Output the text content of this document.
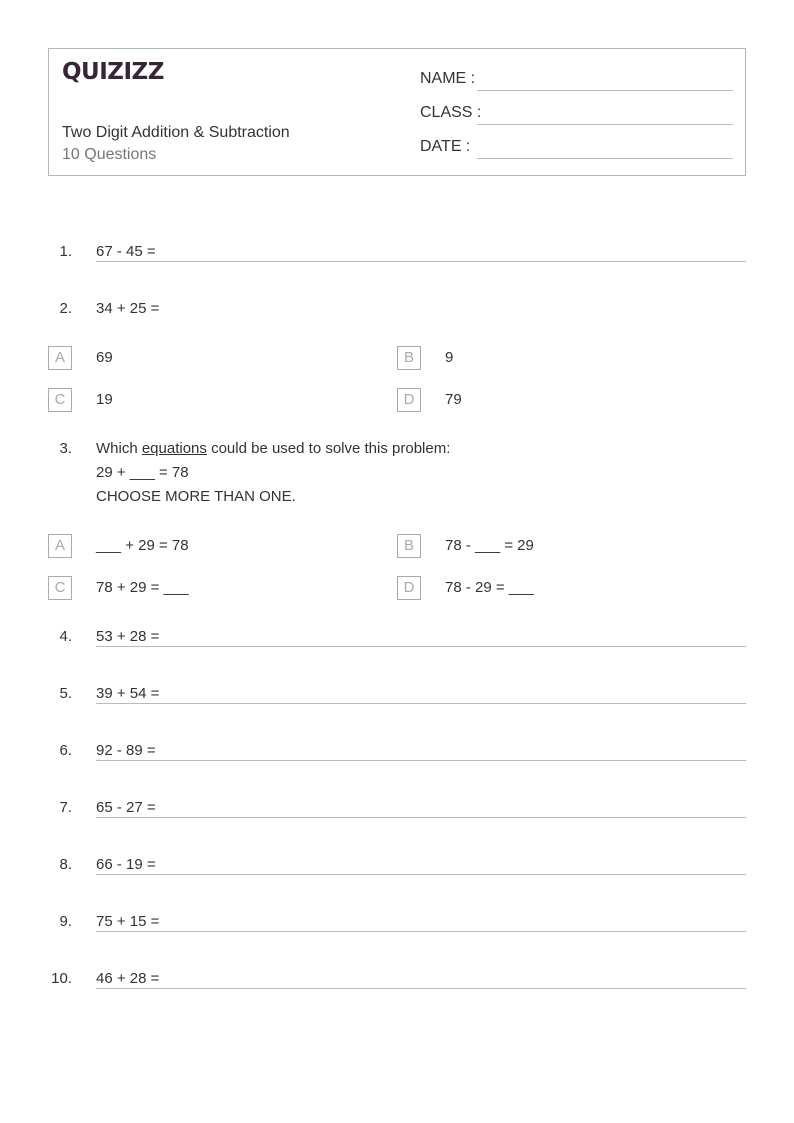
QUIZIZZ
Two Digit Addition & Subtraction
10 Questions
NAME :
CLASS :
DATE :
1. 67 - 45 =
2. 34 + 25 =
A	69	B	9
C	19	D	79
3. Which equations could be used to solve this problem:
29 + ___ = 78
CHOOSE MORE THAN ONE.
A	___ + 29 = 78	B	78 - ___ = 29
C	78 + 29 = ___	D	78 - 29 = ___
4. 53 + 28 =
5. 39 + 54 =
6. 92 - 89 =
7. 65 - 27 =
8. 66 - 19 =
9. 75 + 15 =
10. 46 + 28 =
